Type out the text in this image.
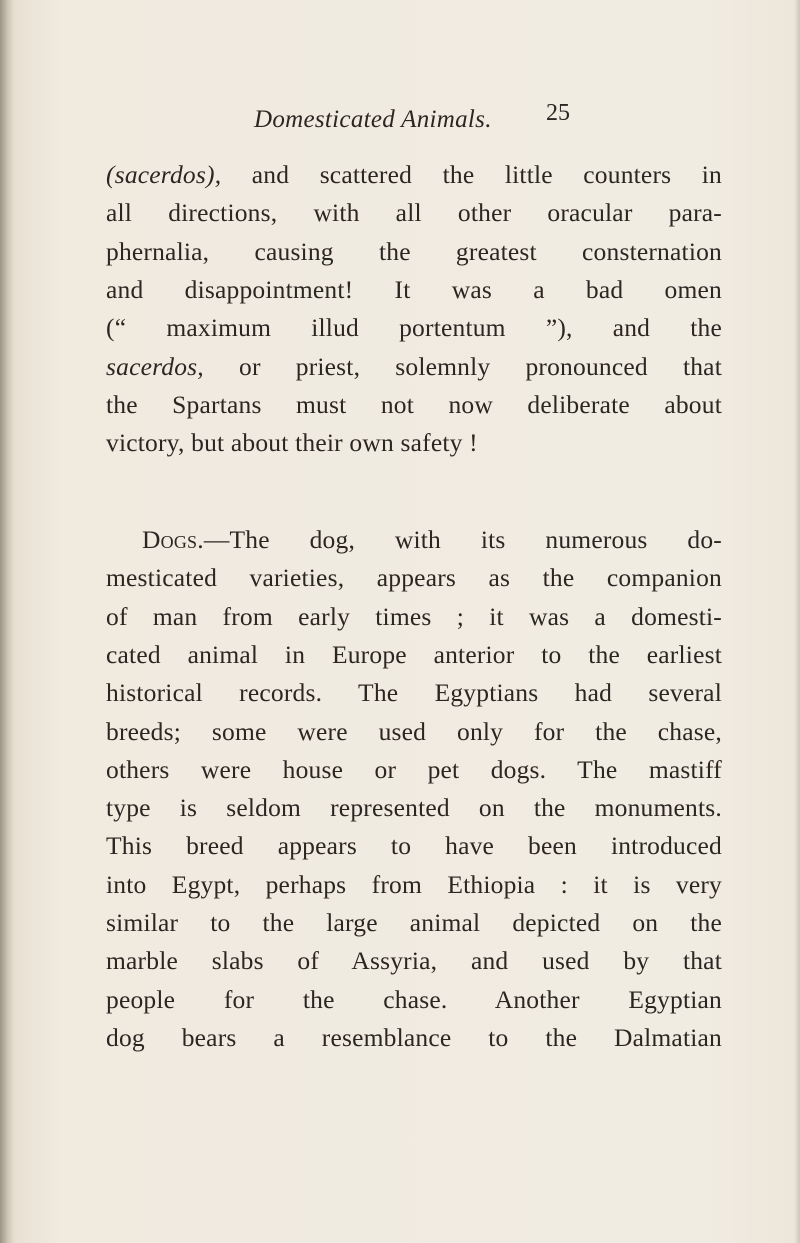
Domesticated Animals. 25
(sacerdos), and scattered the little counters in
all directions, with all other oracular para-
phernalia, causing the greatest consternation
and disappointment! It was a bad omen
(“ maximum illud portentum ”), and the
sacerdos, or priest, solemnly pronounced that
the Spartans must not now deliberate about
victory, but about their own safety !
Dogs.—The dog, with its numerous do-
mesticated varieties, appears as the companion
of man from early times ; it was a domesti-
cated animal in Europe anterior to the earliest
historical records. The Egyptians had several
breeds; some were used only for the chase,
others were house or pet dogs. The mastiff
type is seldom represented on the monuments.
This breed appears to have been introduced
into Egypt, perhaps from Ethiopia : it is very
similar to the large animal depicted on the
marble slabs of Assyria, and used by that
people for the chase. Another Egyptian
dog bears a resemblance to the Dalmatian
